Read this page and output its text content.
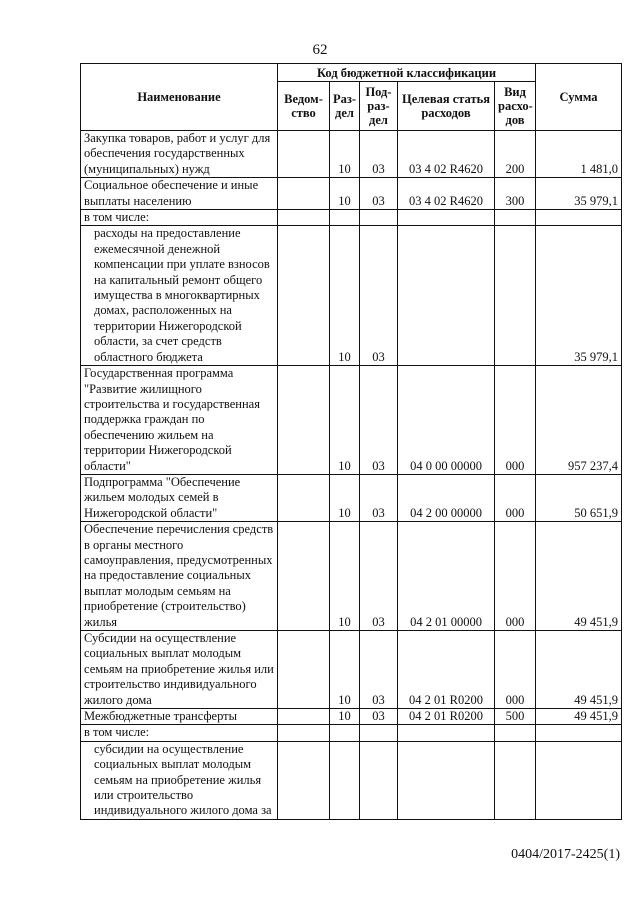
62
Наименование	Код бюджетной классификации					Сумма
	Ведом-ство	Раз-дел	Под-раз-дел	Целевая статья расходов	Вид расхо-дов	

Закупка товаров, работ и услуг для обеспечения государственных (муниципальных) нужд		10	03	03 4 02 R4620	200	1 481,0

Социальное обеспечение и иные выплаты населению		10	03	03 4 02 R4620	300	35 979,1

в том числе:						

расходы на предоставление ежемесячной денежной компенсации при уплате взносов на капитальный ремонт общего имущества в многоквартирных домах, расположенных на территории Нижегородской области, за счет средств областного бюджета		10	03			35 979,1

Государственная программа "Развитие жилищного строительства и государственная поддержка граждан по обеспечению жильем на территории Нижегородской области"		10	03	04 0 00 00000	000	957 237,4

Подпрограмма "Обеспечение жильем молодых семей в Нижегородской области"		10	03	04 2 00 00000	000	50 651,9

Обеспечение перечисления средств в органы местного самоуправления, предусмотренных на предоставление социальных выплат молодым семьям на приобретение (строительство) жилья		10	03	04 2 01 00000	000	49 451,9

Субсидии на осуществление социальных выплат молодым семьям на приобретение жилья или строительство индивидуального жилого дома		10	03	04 2 01 R0200	000	49 451,9

Межбюджетные трансферты		10	03	04 2 01 R0200	500	49 451,9

в том числе:						

субсидии на осуществление социальных выплат молодым семьям на приобретение жилья или строительство индивидуального жилого дома за						

0404/2017-2425(1)
